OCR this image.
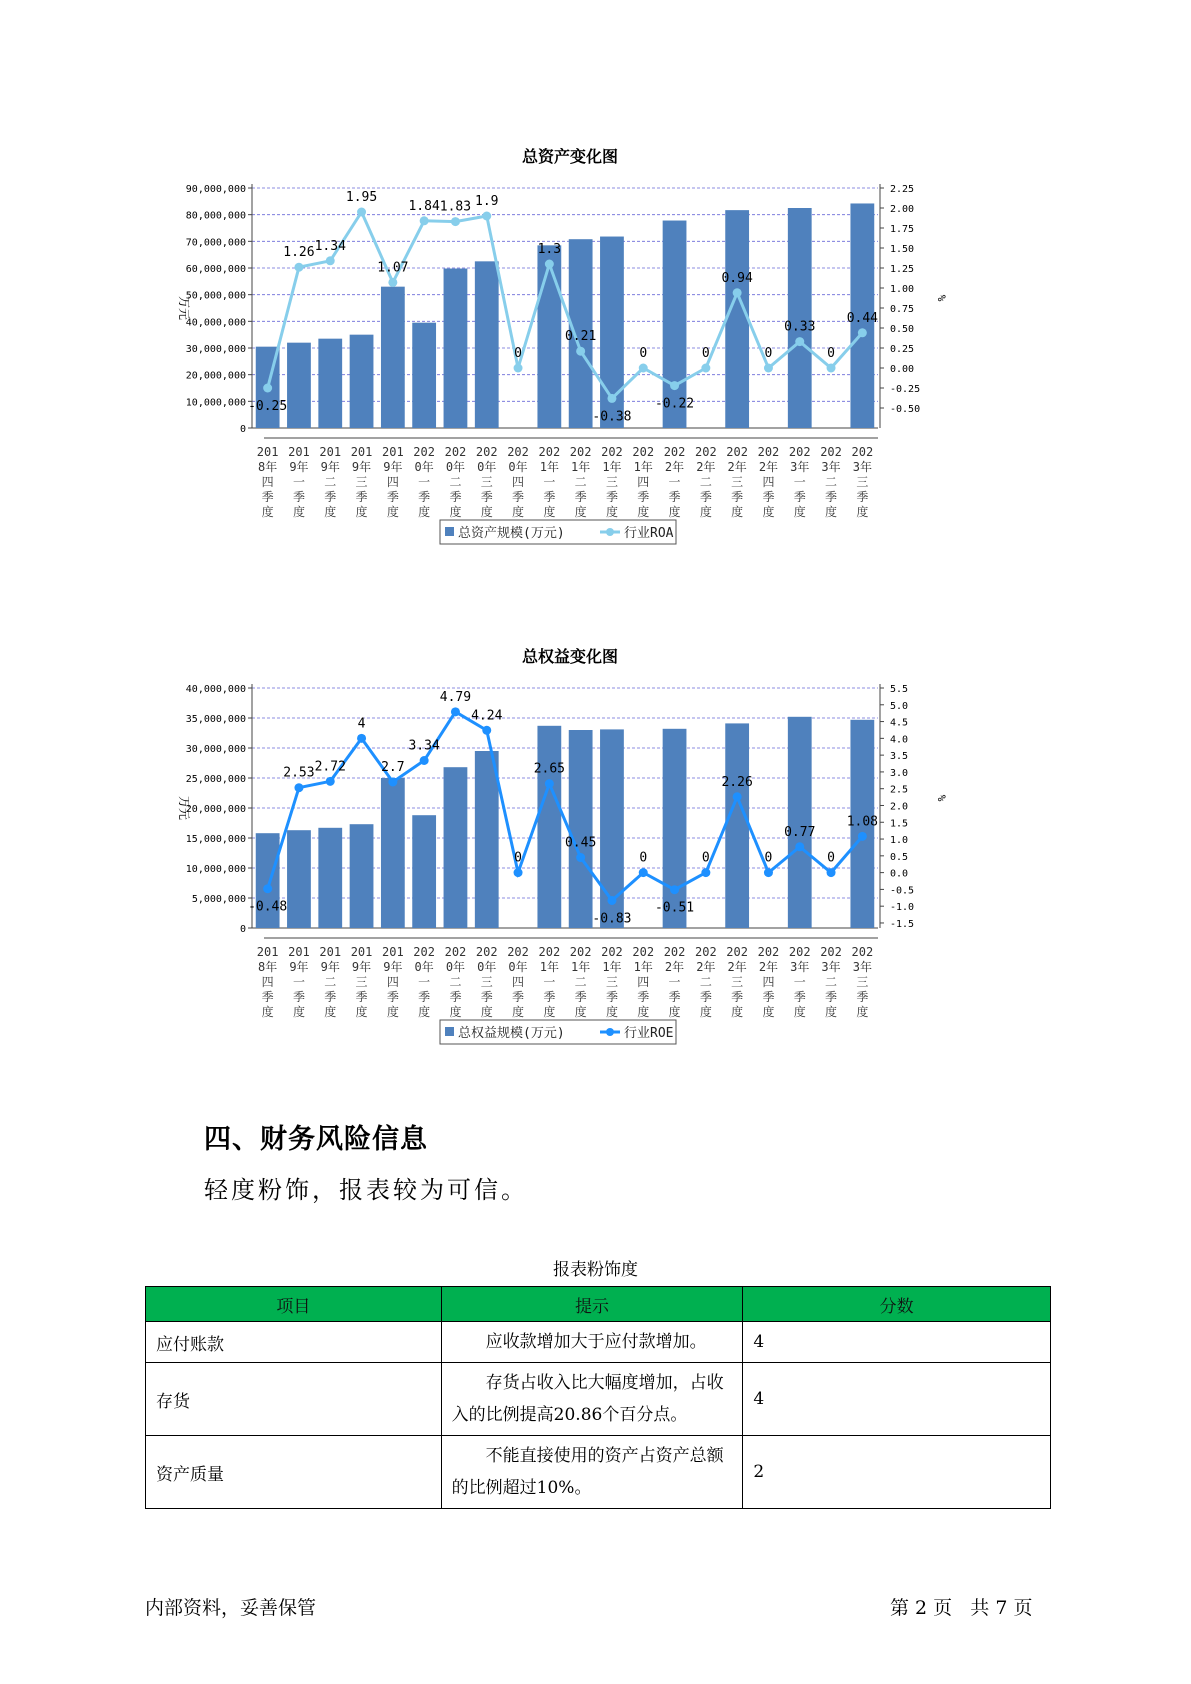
总资产变化图
0
10,000,000
20,000,000
30,000,000
40,000,000
50,000,000
60,000,000
70,000,000
80,000,000
90,000,000
-0.50
-0.25
0.00
0.25
0.50
0.75
1.00
1.25
1.50
1.75
2.00
2.25
万元	%
-0.25
1.26 1.34
1.95
1.07
1.84 1.83 1.9
0
1.3
0.21
-0.38
0
-0.22
0
0.94
0
0.33
0
0.44
201
8年
四
季
度
201
9年
一
季
度
201
9年
二
季
度
201
9年
三
季
度
201
9年
四
季
度
202
0年
一
季
度
202
0年
二
季
度
202
0年
三
季
度
202
0年
四
季
度
202
1年
一
季
度
202
1年
二
季
度
202
1年
三
季
度
202
1年
四
季
度
202
2年
一
季
度
202
2年
二
季
度
202
2年
三
季
度
202
2年
四
季
度
202
3年
一
季
度
202
3年
二
季
度
202
3年
三
季
度
总资产规模(万元)	行业ROA
总权益变化图
0
5,000,000
10,000,000
15,000,000
20,000,000
25,000,000
30,000,000
35,000,000
40,000,000
-1.5
-1.0
-0.5
0.0
0.5
1.0
1.5
2.0
2.5
3.0
3.5
4.0
4.5
5.0
5.5
万元	%
-0.48
2.53 2.72
4
2.7
3.34
4.79
4.24
0
2.65
0.45
-0.83
0
-0.51
0
2.26
0
0.77
0
1.08
201
8年
四
季
度
201
9年
一
季
度
201
9年
二
季
度
201
9年
三
季
度
201
9年
四
季
度
202
0年
一
季
度
202
0年
二
季
度
202
0年
三
季
度
202
0年
四
季
度
202
1年
一
季
度
202
1年
二
季
度
202
1年
三
季
度
202
1年
四
季
度
202
2年
一
季
度
202
2年
二
季
度
202
2年
三
季
度
202
2年
四
季
度
202
3年
一
季
度
202
3年
二
季
度
202
3年
三
季
度
总权益规模(万元)	行业ROE
四、财务风险信息
轻度粉饰，报表较为可信。
报表粉饰度
项目	提示	分数
应付账款	应收款增加大于应付款增加。	4
存货	存货占收入比大幅度增加，占收入的比例提高20.86个百分点。	4
资产质量	不能直接使用的资产占资产总额的比例超过10%。	2
内部资料，妥善保管	第 2 页   共 7 页
